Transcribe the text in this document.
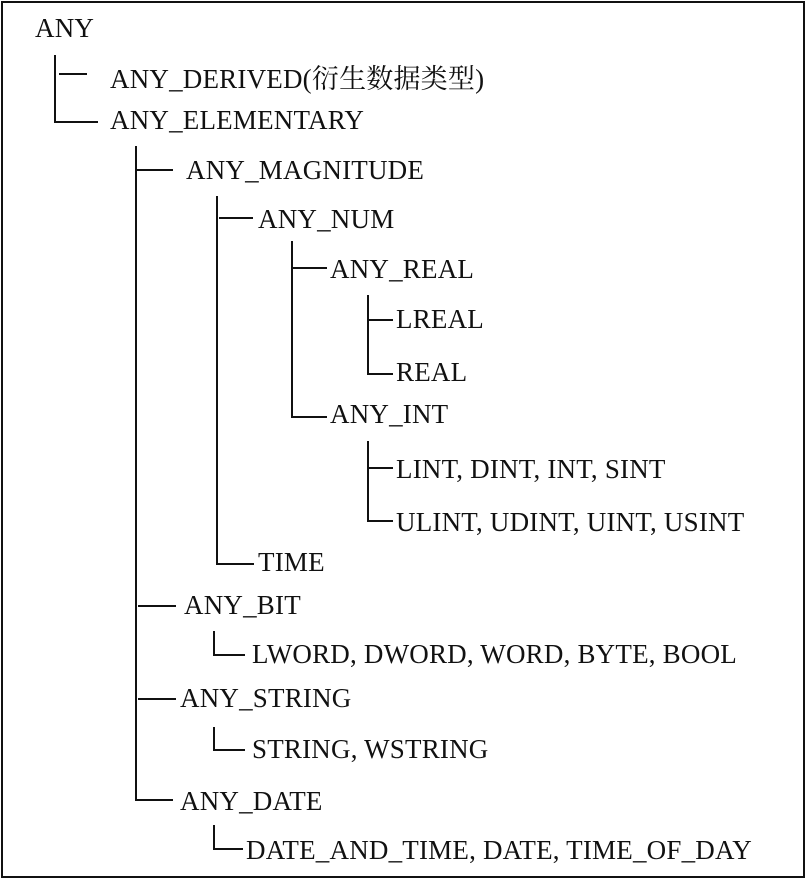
ANY
ANY_DERIVED(衍生数据类型)
ANY_ELEMENTARY
ANY_MAGNITUDE
ANY_NUM
ANY_REAL
LREAL
REAL
ANY_INT
LINT, DINT, INT, SINT
ULINT, UDINT, UINT, USINT
TIME
ANY_BIT
LWORD, DWORD, WORD, BYTE, BOOL
ANY_STRING
STRING, WSTRING
ANY_DATE
DATE_AND_TIME, DATE, TIME_OF_DAY
